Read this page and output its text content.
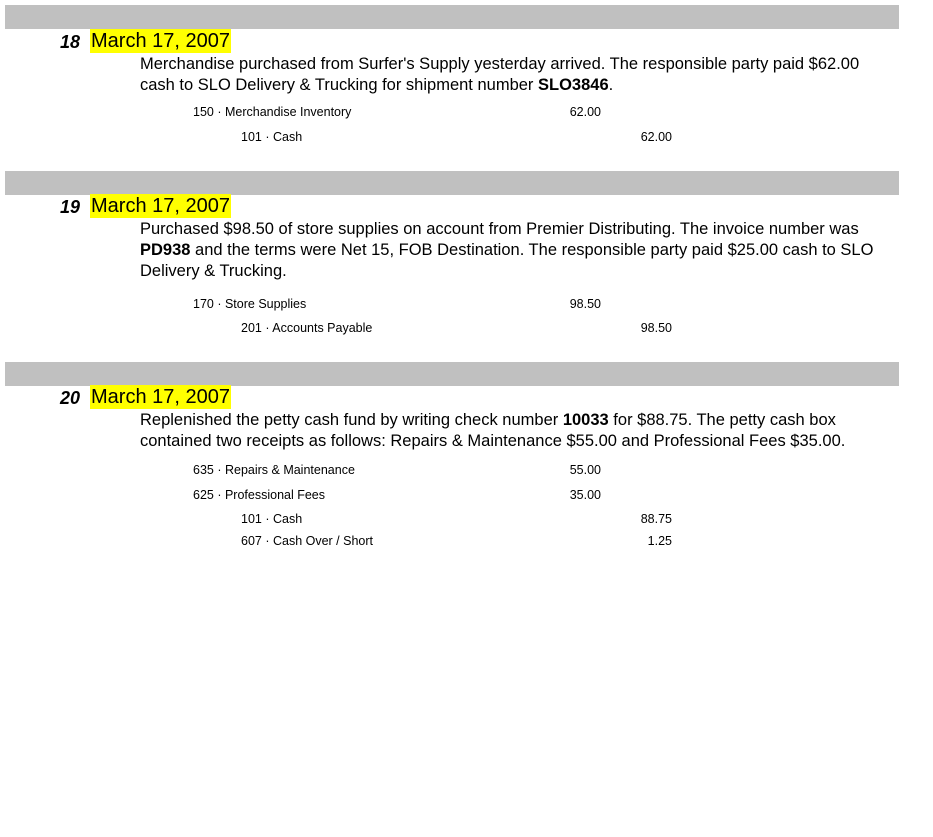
18 March 17, 2007

Merchandise purchased from Surfer's Supply yesterday arrived. The responsible party paid $62.00 cash to SLO Delivery & Trucking for shipment number SLO3846.

150 · Merchandise Inventory	62.00
101 · Cash	62.00
19 March 17, 2007

Purchased $98.50 of store supplies on account from Premier Distributing. The invoice number was PD938 and the terms were Net 15, FOB Destination. The responsible party paid $25.00 cash to SLO Delivery & Trucking.

170 · Store Supplies	98.50
201 · Accounts Payable	98.50
20 March 17, 2007

Replenished the petty cash fund by writing check number 10033 for $88.75. The petty cash box contained two receipts as follows: Repairs & Maintenance $55.00 and Professional Fees $35.00.

635 · Repairs & Maintenance	55.00
625 · Professional Fees	35.00
101 · Cash	88.75
607 · Cash Over / Short	1.25
